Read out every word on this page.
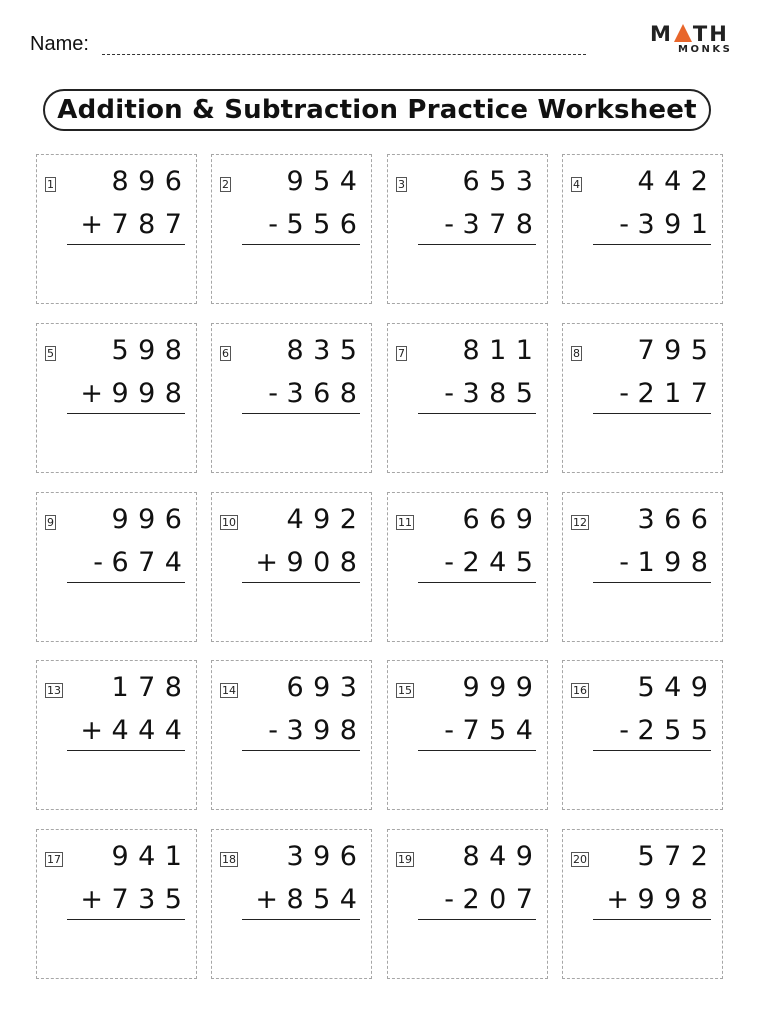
Name:	M TH
MONKS
Addition & Subtraction Practice Worksheet
1 896
+ 787
2 954
- 556
3 653
- 378
4 442
- 391
5 598
+ 998
6 835
- 368
7 811
- 385
8 795
- 217
9 996
- 674
10 492
+ 908
11 669
- 245
12 366
- 198
13 178
+ 444
14 693
- 398
15 999
- 754
16 549
- 255
17 941
+ 735
18 396
+ 854
19 849
- 207
20 572
+ 998
